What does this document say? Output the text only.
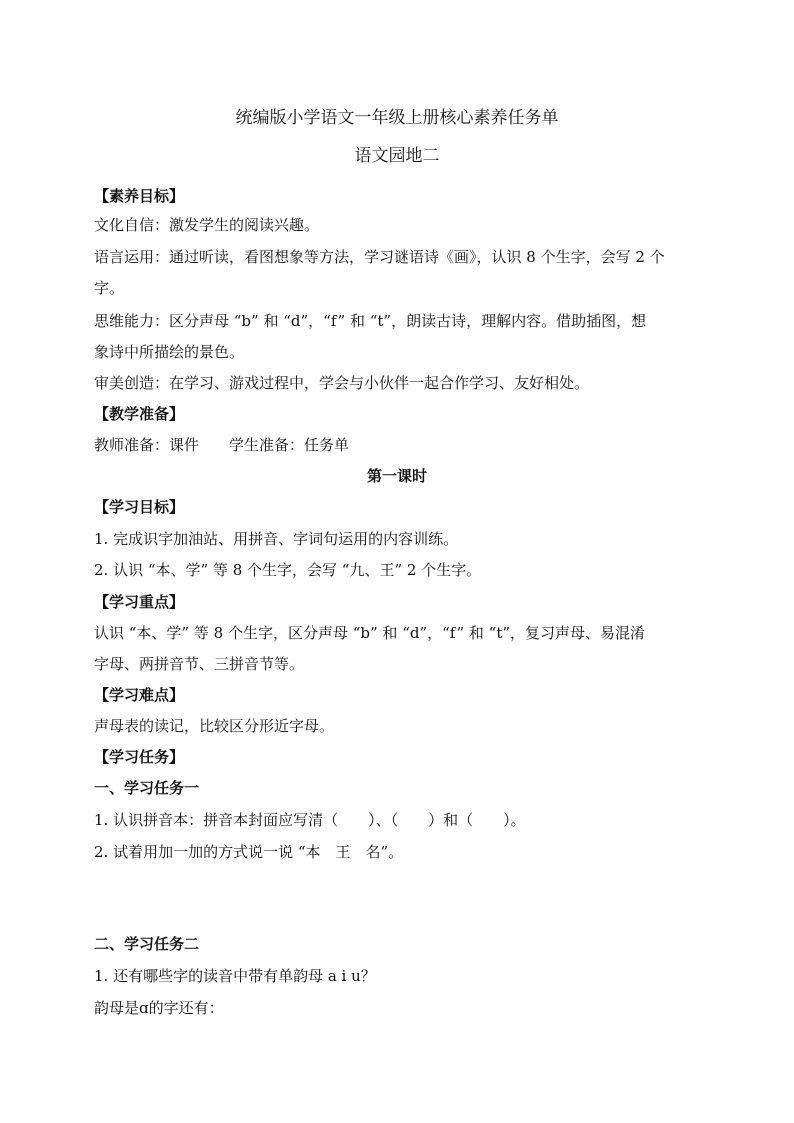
统编版小学语文一年级上册核心素养任务单
语文园地二
【素养目标】
文化自信：激发学生的阅读兴趣。
语言运用：通过听读，看图想象等方法，学习谜语诗《画》，认识 8 个生字，会写 2 个
字。
思维能力：区分声母 “b” 和 “d”，“f” 和 “t”，朗读古诗，理解内容。借助插图，想
象诗中所描绘的景色。
审美创造：在学习、游戏过程中，学会与小伙伴一起合作学习、友好相处。
【教学准备】
教师准备：课件　　学生准备：任务单
第一课时
【学习目标】
1. 完成识字加油站、用拼音、字词句运用的内容训练。
2. 认识 “本、学” 等 8 个生字，会写 “九、王” 2 个生字。
【学习重点】
认识 “本、学” 等 8 个生字，区分声母 “b” 和 “d”，“f” 和 “t”，复习声母、易混淆
字母、两拼音节、三拼音节等。
【学习难点】
声母表的读记，比较区分形近字母。
【学习任务】
一、学习任务一
1. 认识拼音本：拼音本封面应写清（　　）、（　　）和（　　）。
2. 试着用加一加的方式说一说 “本　王　名”。
二、学习任务二
1. 还有哪些字的读音中带有单韵母 a i u？
韵母是ɑ的字还有：
